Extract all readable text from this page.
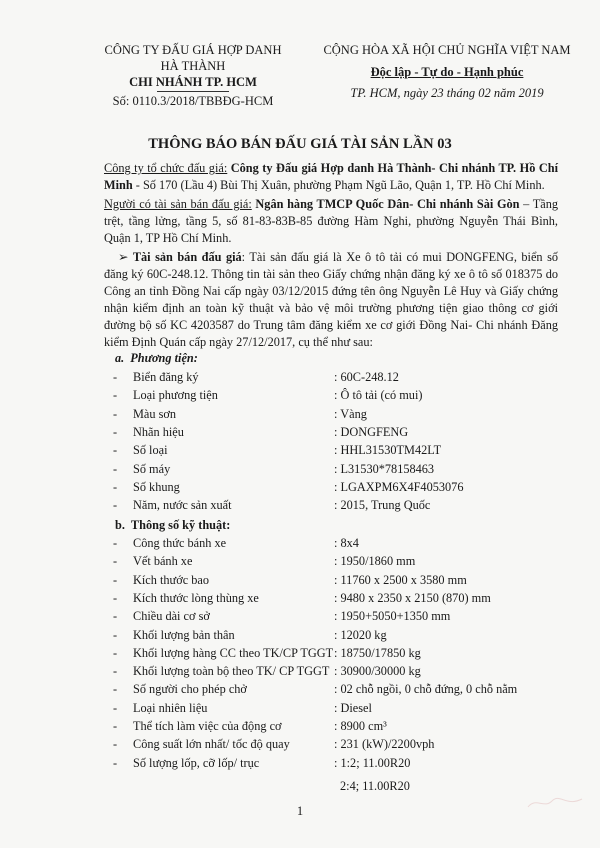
CÔNG TY ĐẤU GIÁ HỢP DANH
HÀ THÀNH
CHI NHÁNH TP. HCM
Số: 0110.3/2018/TBBĐG-HCM
CỘNG HÒA XÃ HỘI CHỦ NGHĨA VIỆT NAM
Độc lập - Tự do - Hạnh phúc
TP. HCM, ngày 23 tháng 02 năm 2019
THÔNG BÁO BÁN ĐẤU GIÁ TÀI SẢN LẦN 03
Công ty tổ chức đấu giá: Công ty Đấu giá Hợp danh Hà Thành- Chi nhánh TP. Hồ Chí Minh - Số 170 (Lầu 4) Bùi Thị Xuân, phường Phạm Ngũ Lão, Quận 1, TP. Hồ Chí Minh.
Người có tài sản bán đấu giá: Ngân hàng TMCP Quốc Dân- Chi nhánh Sài Gòn – Tầng trệt, tầng lửng, tầng 5, số 81-83-83B-85 đường Hàm Nghi, phường Nguyễn Thái Bình, Quận 1, TP Hồ Chí Minh.
➢ Tài sản bán đấu giá: Tài sản đấu giá là Xe ô tô tải có mui DONGFENG, biển số đăng ký 60C-248.12. Thông tin tài sản theo Giấy chứng nhận đăng ký xe ô tô số 018375 do Công an tỉnh Đồng Nai cấp ngày 03/12/2015 đứng tên ông Nguyễn Lê Huy và Giấy chứng nhận kiểm định an toàn kỹ thuật và bảo vệ môi trường phương tiện giao thông cơ giới đường bộ số KC 4203587 do Trung tâm đăng kiểm xe cơ giới Đồng Nai- Chi nhánh Đăng kiểm Định Quán cấp ngày 27/12/2017, cụ thể như sau:
a. Phương tiện:
- Biển đăng ký	: 60C-248.12
- Loại phương tiện	: Ô tô tải (có mui)
- Màu sơn	: Vàng
- Nhãn hiệu	: DONGFENG
- Số loại	: HHL31530TM42LT
- Số máy	: L31530*78158463
- Số khung	: LGAXPM6X4F4053076
- Năm, nước sản xuất	: 2015, Trung Quốc
b. Thông số kỹ thuật:
- Công thức bánh xe	: 8x4
- Vết bánh xe	: 1950/1860 mm
- Kích thước bao	: 11760 x 2500 x 3580 mm
- Kích thước lòng thùng xe	: 9480 x 2350 x 2150 (870) mm
- Chiều dài cơ sở	: 1950+5050+1350 mm
- Khối lượng bản thân	: 12020 kg
- Khối lượng hàng CC theo TK/CP TGGT : 18750/17850 kg
- Khối lượng toàn bộ theo TK/ CP TGGT : 30900/30000 kg
- Số người cho phép chở	: 02 chỗ ngồi, 0 chỗ đứng, 0 chỗ nằm
- Loại nhiên liệu	: Diesel
- Thể tích làm việc của động cơ	: 8900 cm³
- Công suất lớn nhất/ tốc độ quay	: 231 (kW)/2200vph
- Số lượng lốp, cỡ lốp/ trục	: 1:2; 11.00R20
2:4; 11.00R20
1
